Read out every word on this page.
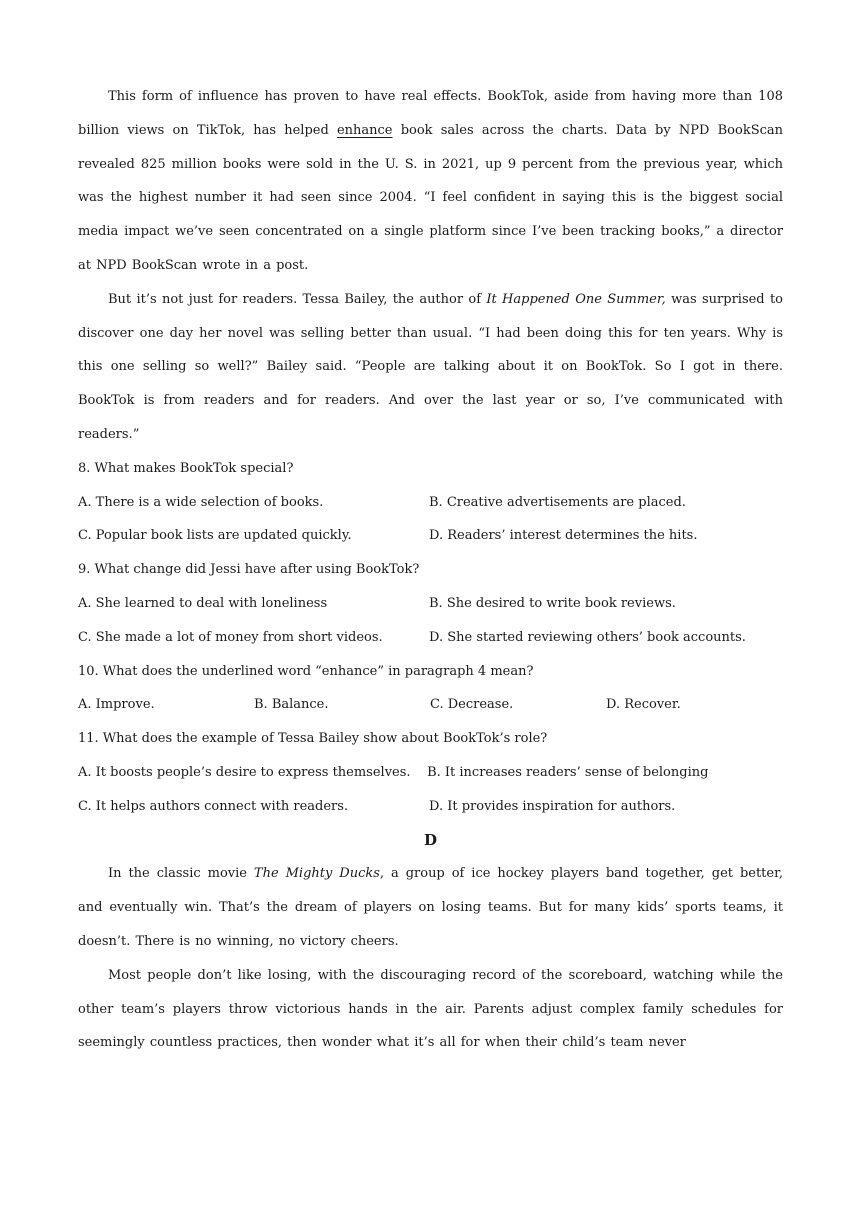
This form of influence has proven to have real effects. BookTok, aside from having more than 108 billion views on TikTok, has helped enhance book sales across the charts. Data by NPD BookScan revealed 825 million books were sold in the U. S. in 2021, up 9 percent from the previous year, which was the highest number it had seen since 2004. “I feel confident in saying this is the biggest social media impact we’ve seen concentrated on a single platform since I’ve been tracking books,” a director at NPD BookScan wrote in a post.

But it’s not just for readers. Tessa Bailey, the author of It Happened One Summer, was surprised to discover one day her novel was selling better than usual. “I had been doing this for ten years. Why is this one selling so well?” Bailey said. “People are talking about it on BookTok. So I got in there. BookTok is from readers and for readers. And over the last year or so, I’ve communicated with readers.”

8. What makes BookTok special?

A. There is a wide selection of books.	B. Creative advertisements are placed.
C. Popular book lists are updated quickly.	D. Readers’ interest determines the hits.

9. What change did Jessi have after using BookTok?

A. She learned to deal with loneliness	B. She desired to write book reviews.
C. She made a lot of money from short videos.	D. She started reviewing others’ book accounts.

10. What does the underlined word “enhance” in paragraph 4 mean?

A. Improve.	B. Balance.	C. Decrease.	D. Recover.

11. What does the example of Tessa Bailey show about BookTok’s role?

A. It boosts people’s desire to express themselves. B. It increases readers’ sense of belonging

C. It helps authors connect with readers.	D. It provides inspiration for authors.

D

In the classic movie The Mighty Ducks, a group of ice hockey players band together, get better, and eventually win. That’s the dream of players on losing teams. But for many kids’ sports teams, it doesn’t. There is no winning, no victory cheers.

Most people don’t like losing, with the discouraging record of the scoreboard, watching while the other team’s players throw victorious hands in the air. Parents adjust complex family schedules for seemingly countless practices, then wonder what it’s all for when their child’s team never
